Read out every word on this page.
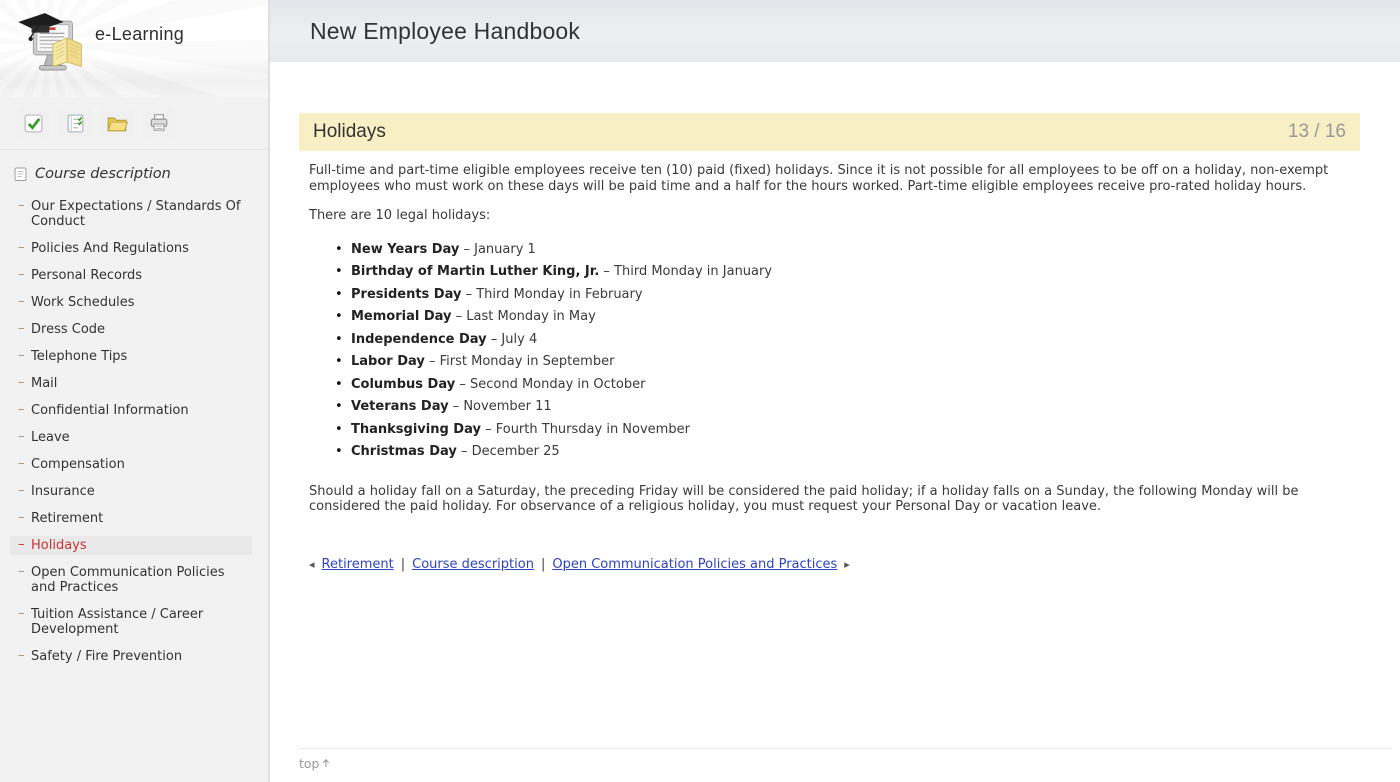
e-Learning
Course description
– Our Expectations / Standards Of Conduct
– Policies And Regulations
– Personal Records
– Work Schedules
– Dress Code
– Telephone Tips
– Mail
– Confidential Information
– Leave
– Compensation
– Insurance
– Retirement
– Holidays
– Open Communication Policies and Practices
– Tuition Assistance / Career Development
– Safety / Fire Prevention
New Employee Handbook
Holidays	13 / 16

Full-time and part-time eligible employees receive ten (10) paid (fixed) holidays. Since it is not possible for all employees to be off on a holiday, non-exempt employees who must work on these days will be paid time and a half for the hours worked. Part-time eligible employees receive pro-rated holiday hours.

There are 10 legal holidays:

• New Years Day – January 1
• Birthday of Martin Luther King, Jr. – Third Monday in January
• Presidents Day – Third Monday in February
• Memorial Day – Last Monday in May
• Independence Day – July 4
• Labor Day – First Monday in September
• Columbus Day – Second Monday in October
• Veterans Day – November 11
• Thanksgiving Day – Fourth Thursday in November
• Christmas Day – December 25

Should a holiday fall on a Saturday, the preceding Friday will be considered the paid holiday; if a holiday falls on a Sunday, the following Monday will be considered the paid holiday. For observance of a religious holiday, you must request your Personal Day or vacation leave.

◂ Retirement | Course description | Open Communication Policies and Practices ▸
top
